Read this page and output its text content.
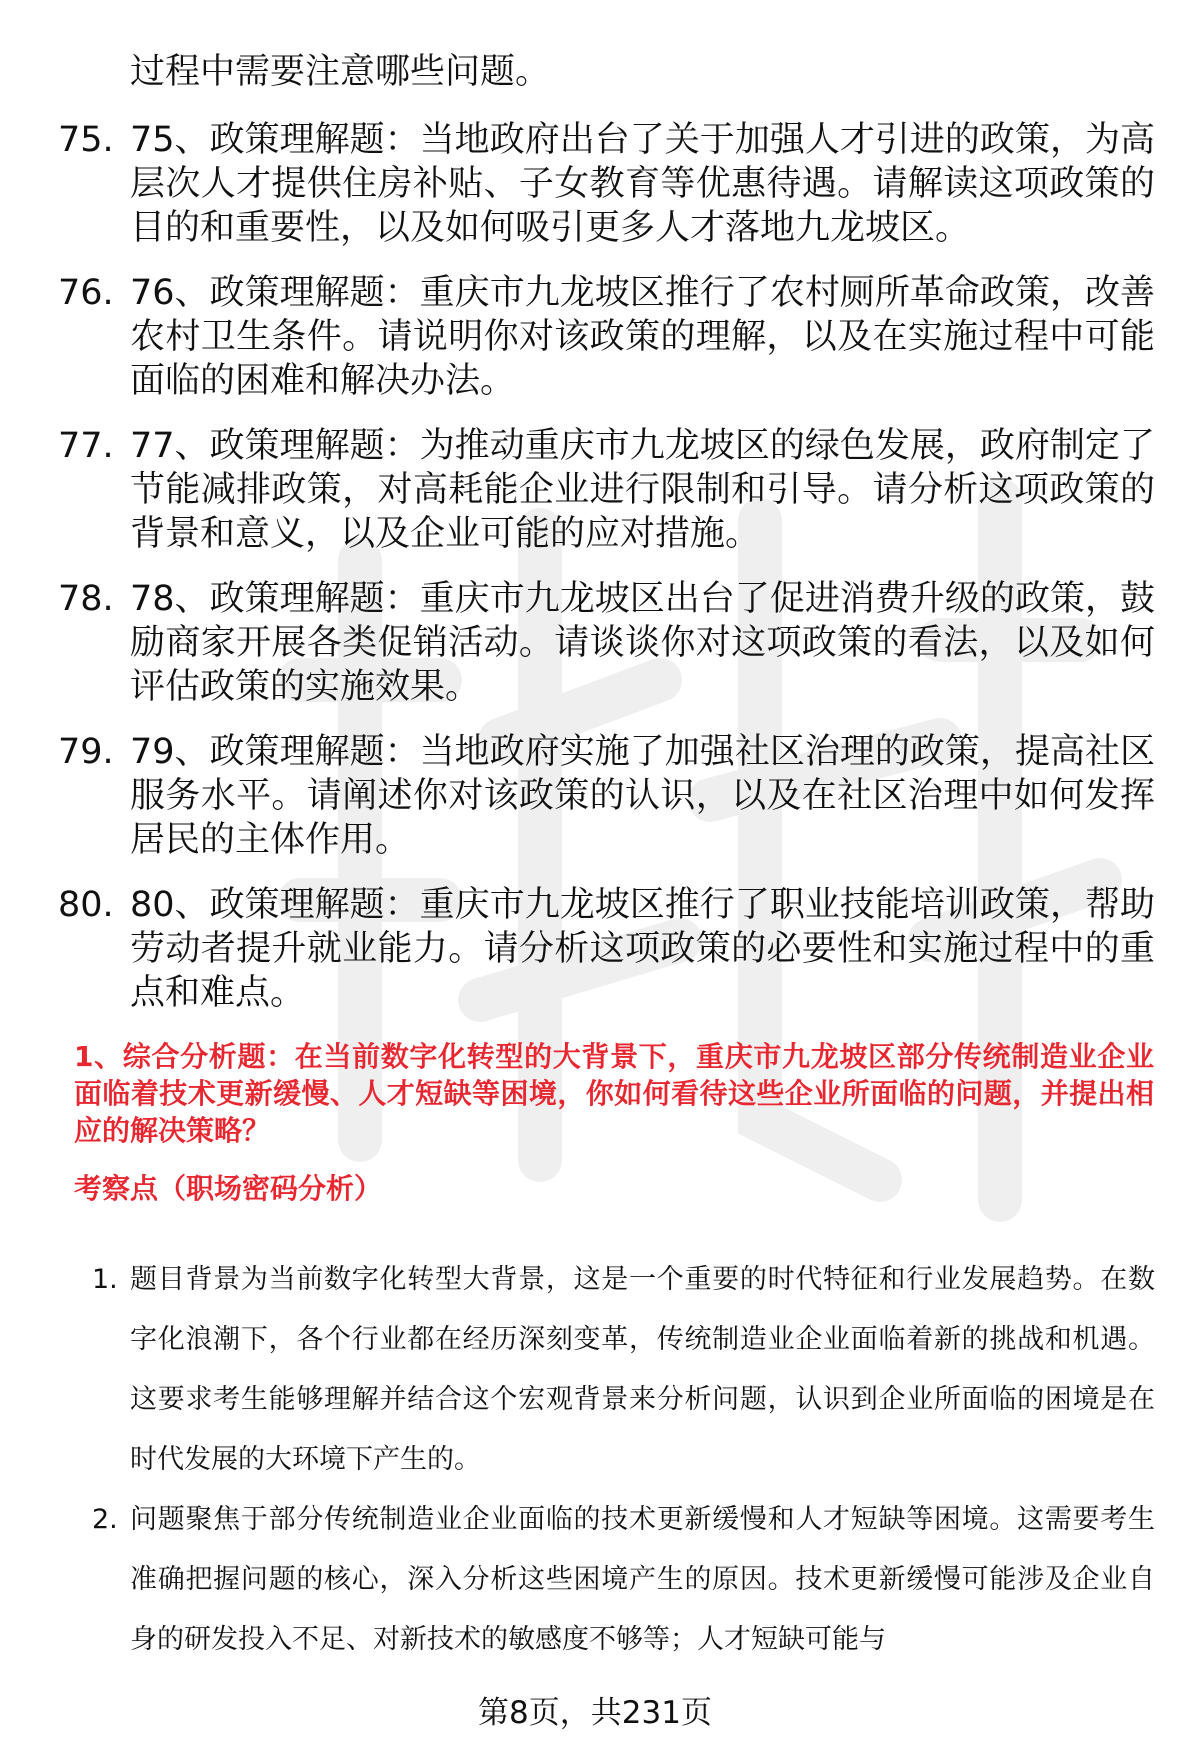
过程中需要注意哪些问题。
75. 75、政策理解题：当地政府出台了关于加强人才引进的政策，为高层次人才提供住房补贴、子女教育等优惠待遇。请解读这项政策的目的和重要性，以及如何吸引更多人才落地九龙坡区。
76. 76、政策理解题：重庆市九龙坡区推行了农村厕所革命政策，改善农村卫生条件。请说明你对该政策的理解，以及在实施过程中可能面临的困难和解决办法。
77. 77、政策理解题：为推动重庆市九龙坡区的绿色发展，政府制定了节能减排政策，对高耗能企业进行限制和引导。请分析这项政策的背景和意义，以及企业可能的应对措施。
78. 78、政策理解题：重庆市九龙坡区出台了促进消费升级的政策，鼓励商家开展各类促销活动。请谈谈你对这项政策的看法，以及如何评估政策的实施效果。
79. 79、政策理解题：当地政府实施了加强社区治理的政策，提高社区服务水平。请阐述你对该政策的认识，以及在社区治理中如何发挥居民的主体作用。
80. 80、政策理解题：重庆市九龙坡区推行了职业技能培训政策，帮助劳动者提升就业能力。请分析这项政策的必要性和实施过程中的重点和难点。
1、综合分析题：在当前数字化转型的大背景下，重庆市九龙坡区部分传统制造业企业面临着技术更新缓慢、人才短缺等困境，你如何看待这些企业所面临的问题，并提出相应的解决策略？
考察点（职场密码分析）
1. 题目背景为当前数字化转型大背景，这是一个重要的时代特征和行业发展趋势。在数字化浪潮下，各个行业都在经历深刻变革，传统制造业企业面临着新的挑战和机遇。这要求考生能够理解并结合这个宏观背景来分析问题，认识到企业所面临的困境是在时代发展的大环境下产生的。
2. 问题聚焦于部分传统制造业企业面临的技术更新缓慢和人才短缺等困境。这需要考生准确把握问题的核心，深入分析这些困境产生的原因。技术更新缓慢可能涉及企业自身的研发投入不足、对新技术的敏感度不够等；人才短缺可能与
第8页，共231页
